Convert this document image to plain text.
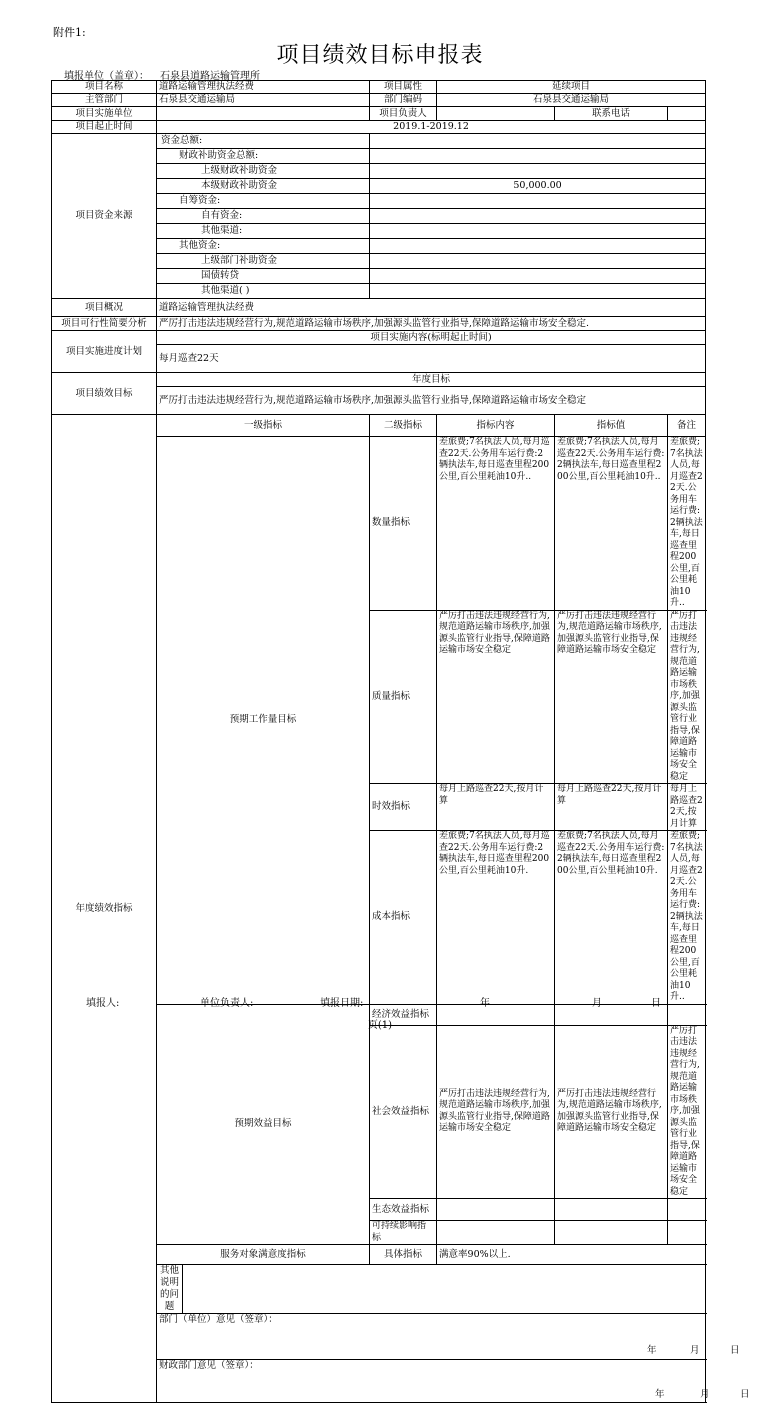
附件1:
项目绩效目标申报表
填报单位（盖章）： 石泉县道路运输管理所
项目名称	道路运输管理执法经费		项目属性	延续项目		
主管部门	石泉县交通运输局		部门编码	石泉县交通运输局		
项目实施单位			项目负责人		联系电话	
项目起止时间	2019.1-2019.12					
项目资金来源	资金总额:					
	财政补助资金总额:					
	上级财政补助资金					
	本级财政补助资金		50,000.00			
	自筹资金:					
	自有资金:					
	其他渠道:					
	其他资金:					
	上级部门补助资金					
	国债转贷					
	其他渠道( )					
项目概况	道路运输管理执法经费					
项目可行性简要分析	严厉打击违法违规经营行为,规范道路运输市场秩序,加强源头监管行业指导,保障道路运输市场安全稳定.					
项目实施进度计划	项目实施内容(标明起止时间)					
	每月巡查22天					
项目绩效目标	年度目标					
	严厉打击违法违规经营行为,规范道路运输市场秩序,加强源头监管行业指导,保障道路运输市场安全稳定					
年度绩效指标	一级指标		二级指标	指标内容	指标值	备注
	预期工作量目标		数量指标	差旅费;7名执法人员,每月巡查22天.公务用车运行费:2辆执法车,每日巡查里程200公里,百公里耗油10升..	差旅费;7名执法人员,每月巡查22天.公务用车运行费:2辆执法车,每日巡查里程200公里,百公里耗油10升..	差旅费;7名执法人员,每月巡查22天.公务用车运行费:2辆执法车,每日巡查里程200公里,百公里耗油10升..
			质量指标	严厉打击违法违规经营行为,规范道路运输市场秩序,加强源头监管行业指导,保障道路运输市场安全稳定	严厉打击违法违规经营行为,规范道路运输市场秩序,加强源头监管行业指导,保障道路运输市场安全稳定	严厉打击违法违规经营行为,规范道路运输市场秩序,加强源头监管行业指导,保障道路运输市场安全稳定
			时效指标	每月上路巡查22天,按月计算	每月上路巡查22天,按月计算	每月上路巡查22天,按月计算
			成本指标	差旅费;7名执法人员,每月巡查22天.公务用车运行费:2辆执法车,每日巡查里程200公里,百公里耗油10升.	差旅费;7名执法人员,每月巡查22天.公务用车运行费:2辆执法车,每日巡查里程200公里,百公里耗油10升.	差旅费;7名执法人员,每月巡查22天.公务用车运行费:2辆执法车,每日巡查里程200公里,百公里耗油10升..
	预期效益目标		经济效益指标			
			社会效益指标	严厉打击违法违规经营行为,规范道路运输市场秩序,加强源头监管行业指导,保障道路运输市场安全稳定	严厉打击违法违规经营行为,规范道路运输市场秩序,加强源头监管行业指导,保障道路运输市场安全稳定	严厉打击违法违规经营行为,规范道路运输市场秩序,加强源头监管行业指导,保障道路运输市场安全稳定
			生态效益指标			
			可持续影响指标			
	服务对象满意度指标		具体指标	满意率90%以上.		
	其他说明的问题					
	部门（单位）意见（签章）：
年 月 日					

	财政部门意见（签章）：
年 月 日					
填报人:	单位负责人:	填报日期:	年	月	日
页(1)
